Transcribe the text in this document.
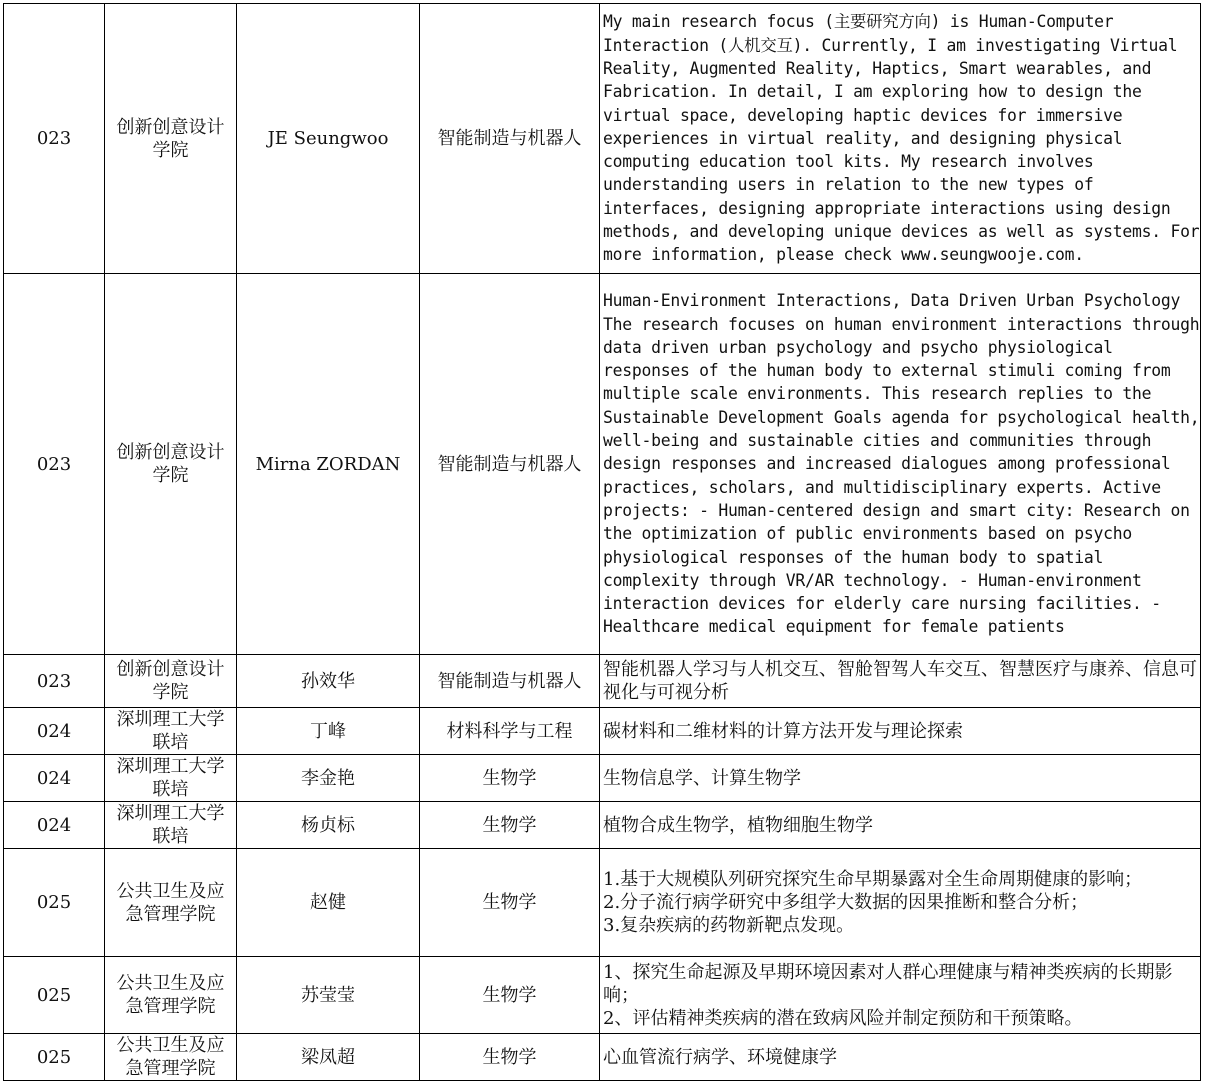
023	创新创意设计学院	JE Seungwoo	智能制造与机器人	My main research focus (主要研究方向) is Human-Computer Interaction (人机交互). Currently, I am investigating Virtual Reality, Augmented Reality, Haptics, Smart wearables, and Fabrication. In detail, I am exploring how to design the virtual space, developing haptic devices for immersive experiences in virtual reality, and designing physical computing education tool kits. My research involves understanding users in relation to the new types of interfaces, designing appropriate interactions using design methods, and developing unique devices as well as systems. For more information, please check www.seungwooje.com.

023	创新创意设计学院	Mirna ZORDAN	智能制造与机器人	Human-Environment Interactions, Data Driven Urban Psychology The research focuses on human environment interactions through data driven urban psychology and psycho physiological responses of the human body to external stimuli coming from multiple scale environments. This research replies to the Sustainable Development Goals agenda for psychological health, well-being and sustainable cities and communities through design responses and increased dialogues among professional practices, scholars, and multidisciplinary experts. Active projects: - Human-centered design and smart city: Research on the optimization of public environments based on psycho physiological responses of the human body to spatial complexity through VR/AR technology. - Human-environment interaction devices for elderly care nursing facilities. - Healthcare medical equipment for female patients

023	创新创意设计学院	孙效华	智能制造与机器人	智能机器人学习与人机交互、智舱智驾人车交互、智慧医疗与康养、信息可视化与可视分析

024	深圳理工大学联培	丁峰	材料科学与工程	碳材料和二维材料的计算方法开发与理论探索

024	深圳理工大学联培	李金艳	生物学	生物信息学、计算生物学

024	深圳理工大学联培	杨贞标	生物学	植物合成生物学，植物细胞生物学

025	公共卫生及应急管理学院	赵健	生物学	1.基于大规模队列研究探究生命早期暴露对全生命周期健康的影响；
2.分子流行病学研究中多组学大数据的因果推断和整合分析；
3.复杂疾病的药物新靶点发现。

025	公共卫生及应急管理学院	苏莹莹	生物学	1、探究生命起源及早期环境因素对人群心理健康与精神类疾病的长期影响；
2、评估精神类疾病的潜在致病风险并制定预防和干预策略。

025	公共卫生及应急管理学院	梁凤超	生物学	心血管流行病学、环境健康学
